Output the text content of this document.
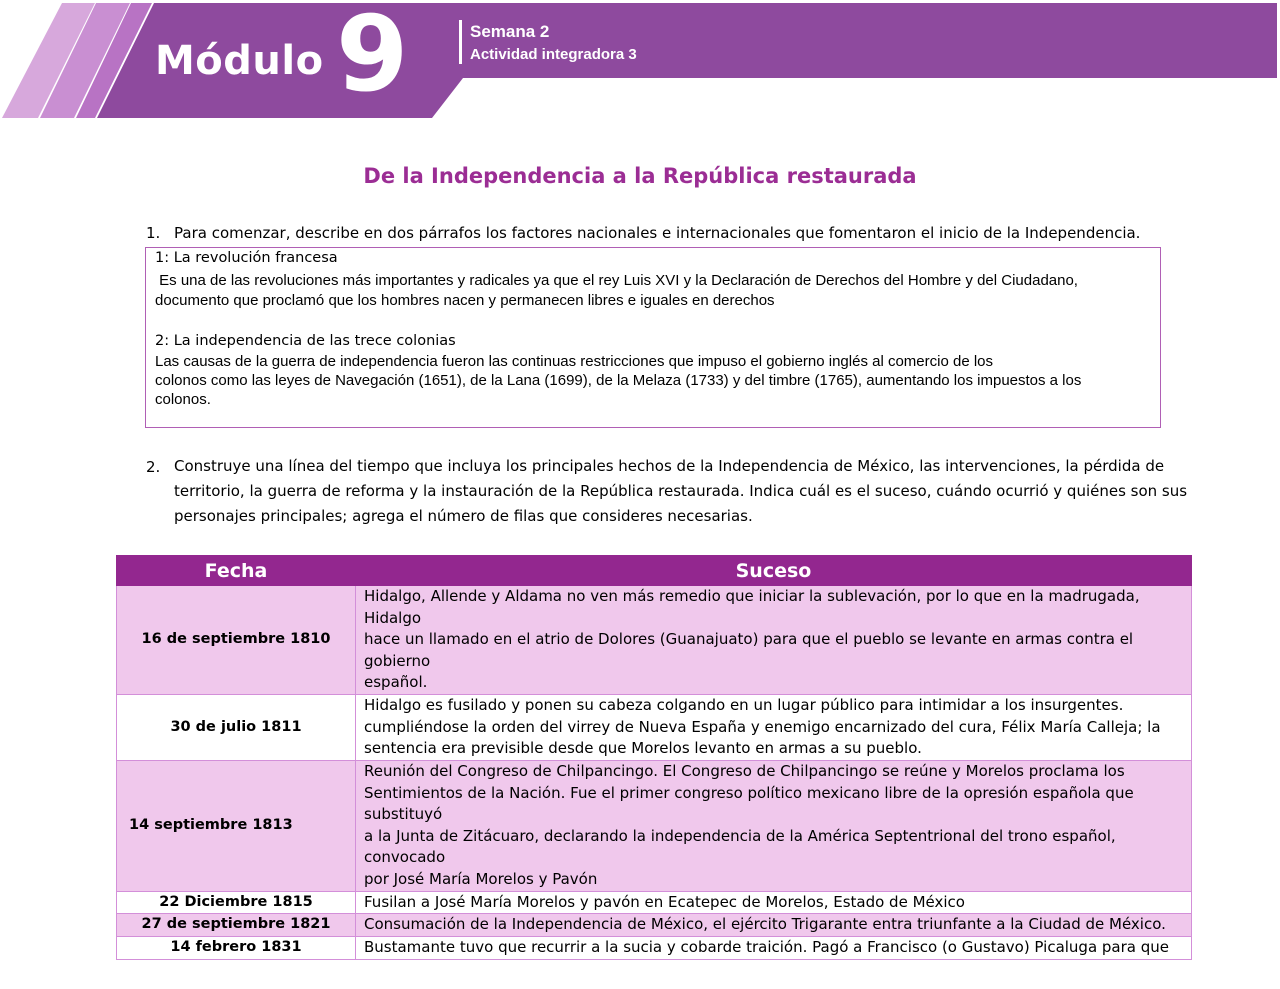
Módulo 9	Semana 2
Actividad integradora 3
De la Independencia a la República restaurada
1. Para comenzar, describe en dos párrafos los factores nacionales e internacionales que fomentaron el inicio de la Independencia.
1: La revolución francesa
Es una de las revoluciones más importantes y radicales ya que el rey Luis XVI y la Declaración de Derechos del Hombre y del Ciudadano,
documento que proclamó que los hombres nacen y permanecen libres e iguales en derechos
2: La independencia de las trece colonias
Las causas de la guerra de independencia fueron las continuas restricciones que impuso el gobierno inglés al comercio de los
colonos como las leyes de Navegación (1651), de la Lana (1699), de la Melaza (1733) y del timbre (1765), aumentando los impuestos a los
colonos.
2. Construye una línea del tiempo que incluya los principales hechos de la Independencia de México, las intervenciones, la pérdida de
territorio, la guerra de reforma y la instauración de la República restaurada. Indica cuál es el suceso, cuándo ocurrió y quiénes son sus
personajes principales; agrega el número de filas que consideres necesarias.
Fecha	Suceso
16 de septiembre 1810	Hidalgo, Allende y Aldama no ven más remedio que iniciar la sublevación, por lo que en la madrugada, Hidalgo
hace un llamado en el atrio de Dolores (Guanajuato) para que el pueblo se levante en armas contra el gobierno
español.

30 de julio 1811	Hidalgo es fusilado y ponen su cabeza colgando en un lugar público para intimidar a los insurgentes.
cumpliéndose la orden del virrey de Nueva España y enemigo encarnizado del cura, Félix María Calleja; la
sentencia era previsible desde que Morelos levanto en armas a su pueblo.

14 septiembre 1813	Reunión del Congreso de Chilpancingo. El Congreso de Chilpancingo se reúne y Morelos proclama los
Sentimientos de la Nación. Fue el primer congreso político mexicano libre de la opresión española que substituyó
a la Junta de Zitácuaro, declarando la independencia de la América Septentrional del trono español, convocado
por José María Morelos y Pavón

22 Diciembre 1815	Fusilan a José María Morelos y pavón en Ecatepec de Morelos, Estado de México

27 de septiembre 1821	Consumación de la Independencia de México, el ejército Trigarante entra triunfante a la Ciudad de México.

14 febrero 1831	Bustamante tuvo que recurrir a la sucia y cobarde traición. Pagó a Francisco (o Gustavo) Picaluga para que
